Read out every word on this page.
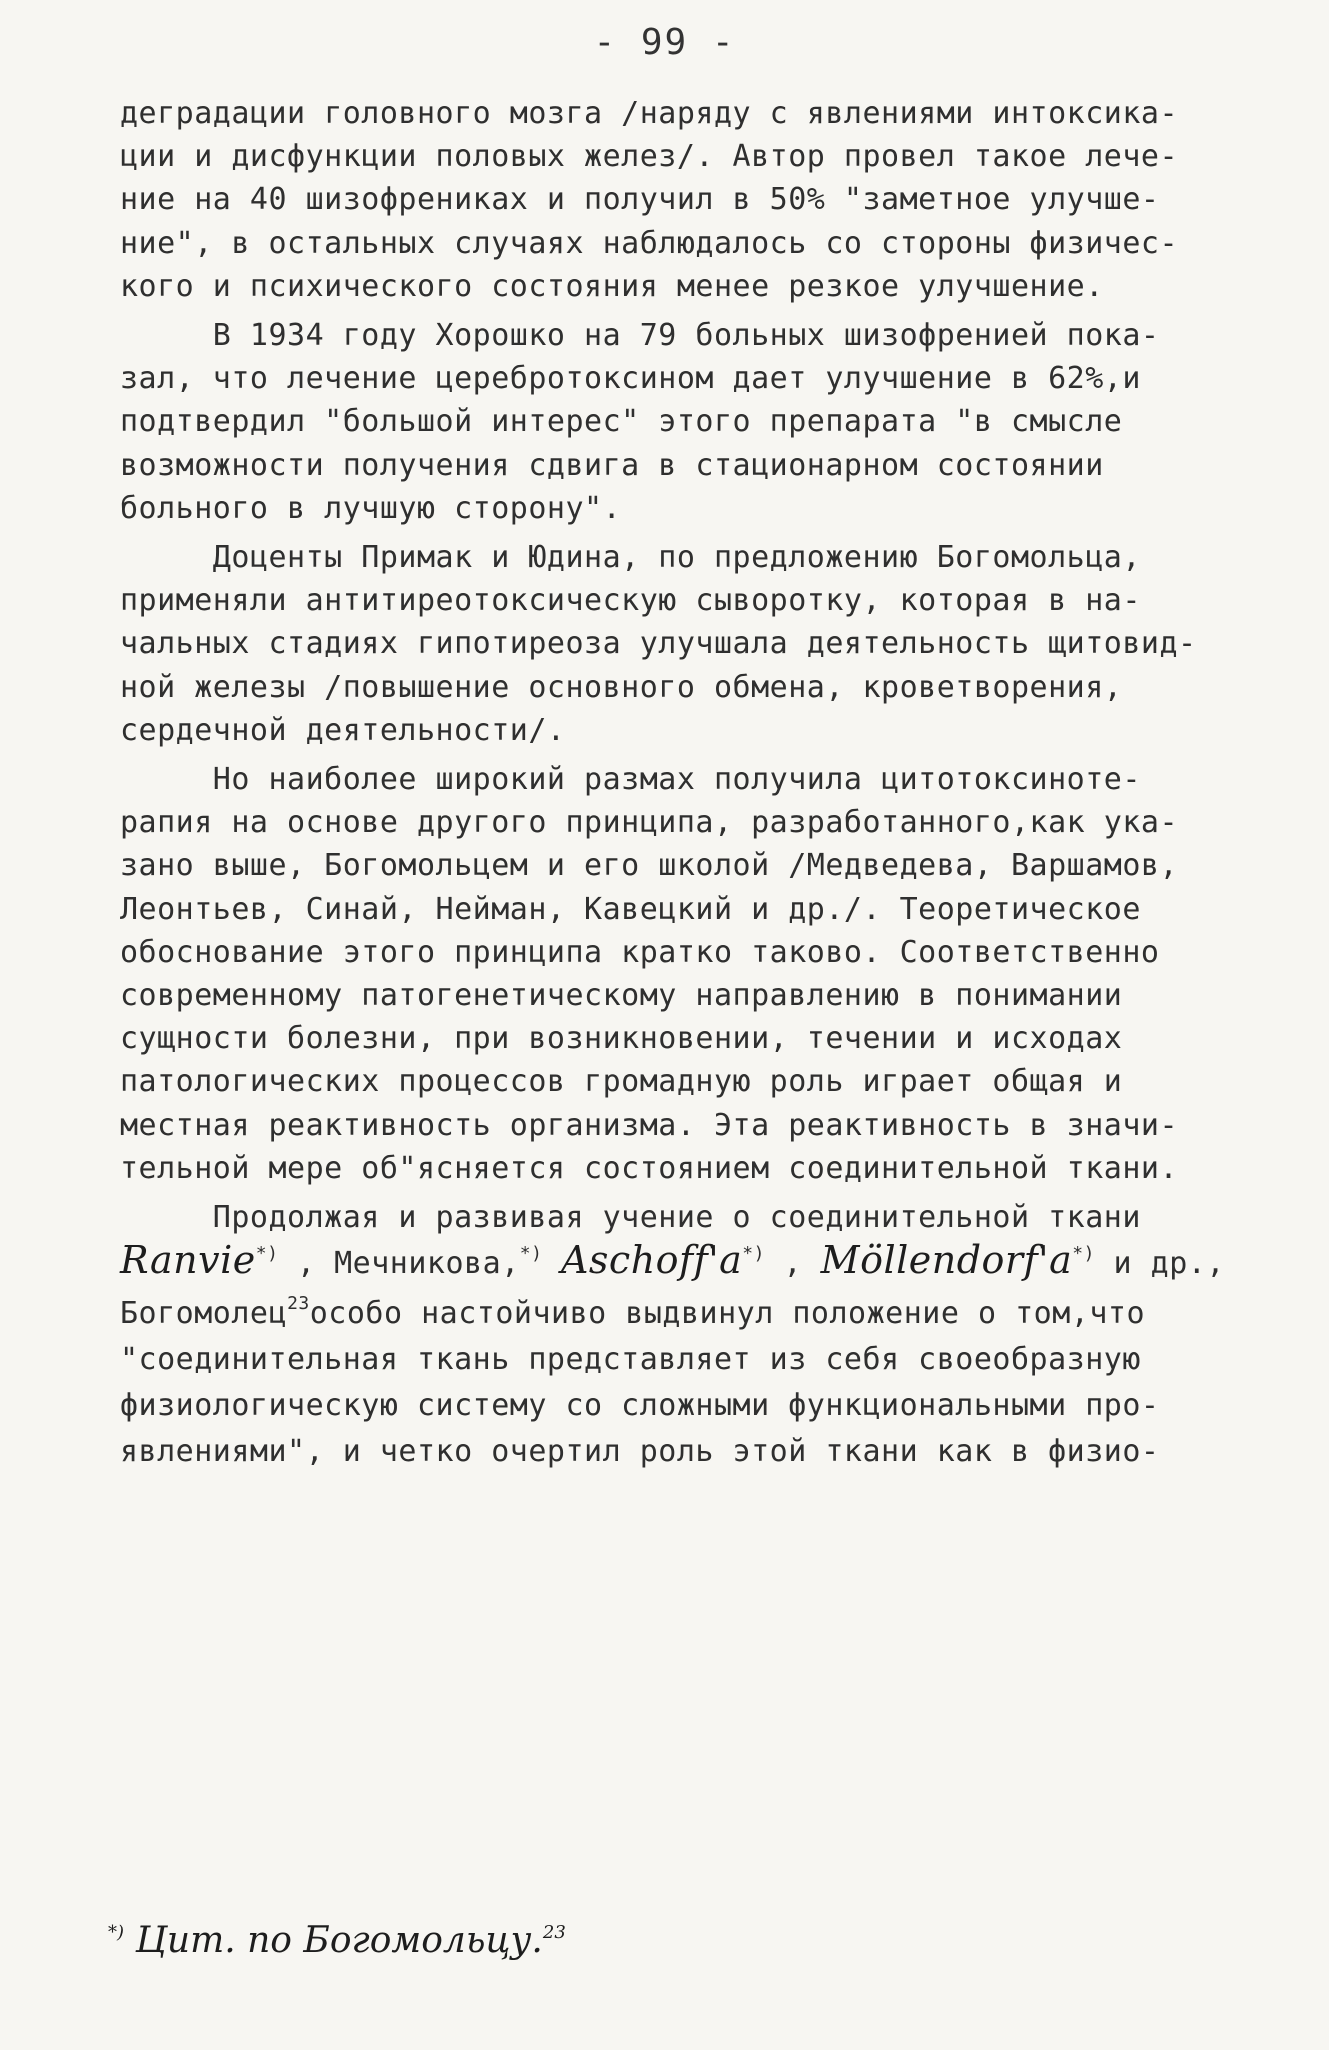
- 99 -
деградации головного мозга /наряду с явлениями интоксика-
ции и дисфункции половых желез/. Автор провел такое лече-
ние на 40 шизофрениках и получил в 50% "заметное улучше-
ние", в остальных случаях наблюдалось со стороны физичес-
кого и психического состояния менее резкое улучшение.
В 1934 году Хорошко на 79 больных шизофренией пока-
зал, что лечение церебротоксином дает улучшение в 62%,и
подтвердил "большой интерес" этого препарата "в смысле
возможности получения сдвига в стационарном состоянии
больного в лучшую сторону".
Доценты Примак и Юдина, по предложению Богомольца,
применяли антитиреотоксическую сыворотку, которая в на-
чальных стадиях гипотиреоза улучшала деятельность щитовид-
ной железы /повышение основного обмена, кроветворения,
сердечной деятельности/.
Но наиболее широкий размах получила цитотоксиноте-
рапия на основе другого принципа, разработанного,как ука-
зано выше, Богомольцем и его школой /Медведева, Варшамов,
Леонтьев, Синай, Нейман, Кавецкий и др./. Теоретическое
обоснование этого принципа кратко таково. Соответственно
современному патогенетическому направлению в понимании
сущности болезни, при возникновении, течении и исходах
патологических процессов громадную роль играет общая и
местная реактивность организма. Эта реактивность в значи-
тельной мере об"ясняется состоянием соединительной ткани.
Продолжая и развивая учение о соединительной ткани
Ranvie*) , Мечникова,*) Aschoff'a*) , Möllendorf'a*) и др.,
Богомолец$^{23}$особо настойчиво выдвинул положение о том,что
"соединительная ткань представляет из себя своеобразную
физиологическую систему со сложными функциональными про-
явлениями", и четко очертил роль этой ткани как в физио-
*) Цит. по Богомольцу.$^{23}$
